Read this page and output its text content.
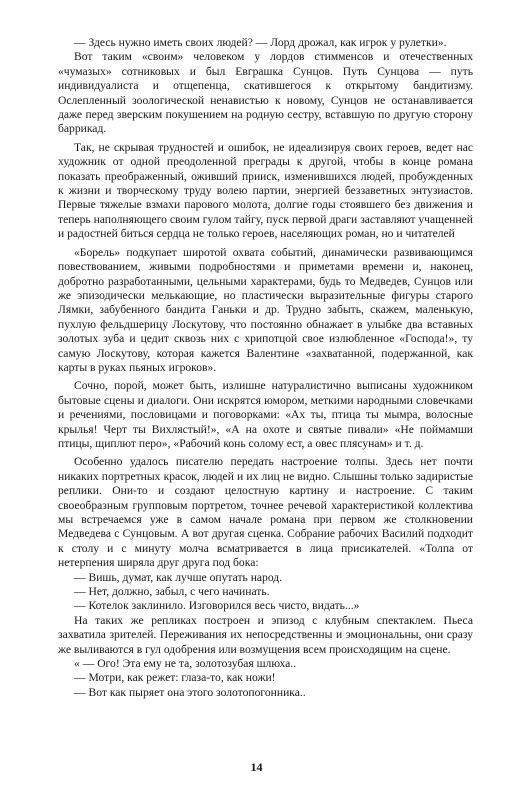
— Здесь нужно иметь своих людей? — Лорд дрожал, как игрок у рулетки».

Вот таким «своим» человеком у лордов стимменсов и отечественных «чумазых» сотниковых и был Евграшка Сунцов. Путь Сунцова — путь индивидуалиста и отщепенца, скатившегося к открытому бандитизму. Ослепленный зоологической ненавистью к новому, Сунцов не останавливается даже перед зверским покушением на родную сестру, вставшую по другую сторону баррикад.

Так, не скрывая трудностей и ошибок, не идеализируя своих героев, ведет нас художник от одной преодоленной преграды к другой, чтобы в конце романа показать преображенный, оживший прииск, изменившихся людей, пробужденных к жизни и творческому труду волею партии, энергией беззаветных энтузиастов. Первые тяжелые взмахи парового молота, долгие годы стоявшего без движения и теперь наполняющего своим гулом тайгу, пуск первой драги заставляют учащенней и радостней биться сердца не только героев, населяющих роман, но и читателей

«Борель» подкупает широтой охвата событий, динамически развивающимся повествованием, живыми подробностями и приметами времени и, наконец, добротно разработанными, цельными характерами, будь то Медведев, Сунцов или же эпизодически мелькающие, но пластически выразительные фигуры старого Лямки, забубенного бандита Ганьки и др. Трудно забыть, скажем, маленькую, пухлую фельдшерицу Лоскутову, что постоянно обнажает в улыбке два вставных золотых зуба и цедит сквозь них с хрипотцой свое излюбленное «Господа!», ту самую Лоскутову, которая кажется Валентине «захватанной, подержанной, как карты в руках пьяных игроков».

Сочно, порой, может быть, излишне натуралистично выписаны художником бытовые сцены и диалоги. Они искрятся юмором, меткими народными словечками и речениями, пословицами и поговорками: «Ах ты, птица ты мымра, волосные крылья! Черт ты Вихлястый!», «А на охоте и святые пивали» «Не поймамши птицы, щиплют перо», «Рабочий конь солому ест, а овес плясунам» и т. д.

Особенно удалось писателю передать настроение толпы. Здесь нет почти никаких портретных красок, людей и их лиц не видно. Слышны только задиристые реплики. Они-то и создают целостную картину и настроение. С таким своеобразным групповым портретом, точнее речевой характеристикой коллектива мы встречаемся уже в самом начале романа при первом же столкновении Медведева с Сунцовым. А вот другая сценка. Собрание рабочих Василий подходит к столу и с минуту молча всматривается в лица присикателей. «Толпа от нетерпения ширяла друг друга под бока:

— Вишь, думат, как лучше опутать народ.

— Нет, должно, забыл, с чего начинать.

— Котелок заклинило. Изговорился весь чисто, видать...»

На таких же репликах построен и эпизод с клубным спектаклем. Пьеса захватила зрителей. Переживания их непосредственны и эмоциональны, они сразу же выливаются в гул одобрения или возмущения всем происходящим на сцене.

« — Ого! Эта ему не та, золотозубая шлюха..

— Мотри, как режет: глаза-то, как ножи!

— Вот как пыряет она этого золотопогонника..

14
